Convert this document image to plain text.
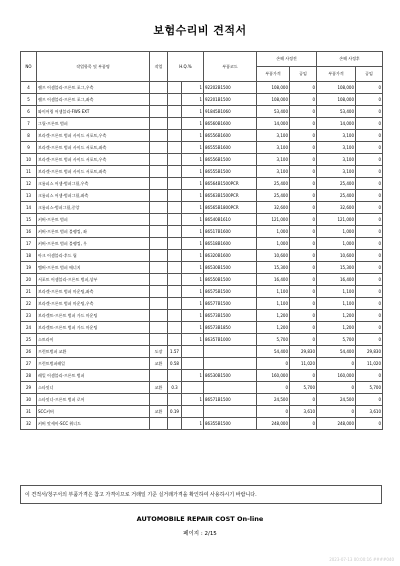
보험수리비 견적서
NO	작업항목 및 부품명	작업	H.Q.%		부품코드	손해 사정전		손해 사정후	
						부품가격	공임	부품가격	공임
4	램프 어셈블리-프론트 포그,우측			1	92202B1500	108,000	0	108,000	0
5	램프 어셈블리-프론트 포그,좌측			1	92201B1500	108,000	0	108,000	0
6	와이어링 어셈블리-FWS EXT			1	91845B1060	53,400	0	53,400	0
7	그릴-프론트 범퍼			1	86560B1600	14,000	0	14,000	0
8	브라켓-프론트 범퍼 사이드 서포트,우측			1	86556B1600	3,100	0	3,100	0
9	브라켓-프론트 범퍼 사이드 서포트,좌측			1	86555B1600	3,100	0	3,100	0
10	브라켓-프론트 범퍼 사이드 서포트,우측			1	86556B1500	3,100	0	3,100	0
11	브라켓-프론트 범퍼 사이드 서포트,좌측			1	86555B1500	3,100	0	3,100	0
12	크롬피스 어셈-범퍼그릴,우측			1	86564B1500PCR	25,400	0	25,400	0
13	크롬피스 어셈-범퍼그릴,좌측			1	86563B1500PCR	25,400	0	25,400	0
14	크롬피스-범퍼그릴,중앙			1	86565B1800PCR	32,600	0	32,600	0
15	커버-프론트 범퍼			1	86540B1610	121,000	0	121,000	0
16	커버-프론트 범퍼 블랭킹, 좌			1	86517B1600	1,000	0	1,000	0
17	커버-프론트 범퍼 블랭킹, 우			1	86518B1600	1,000	0	1,000	0
18	아크 어셈블리-후드 립			1	86320B1600	10,600	0	10,600	0
19	멤버-프론트 범퍼 에너지			1	86530B1500	15,300	0	15,300	0
20	서포트 어셈블리-프론트 범퍼,상부			1	86550B1500	16,400	0	16,400	0
21	브라켓-프론트 범퍼 마운팅,좌측			1	86575B1500	1,100	0	1,100	0
22	브라켓-프론트 범퍼 마운팅,우측			1	86577B1500	1,100	0	1,100	0
23	브라켓트-프론트 범퍼 가드 마운팅			1	86573B1500	1,200	0	1,200	0
24	브라켓트-프론트 범퍼 가드 마운팅			1	86573B1850	1,200	0	1,200	0
25	스트라이			1	86357B1000	5,700	0	5,700	0
26	프런트범퍼 교환	도장	1.57			54,400	29,830	54,400	29,830
27	프런트범퍼레일	교환	0.58			0	11,020	0	11,020
28	레일 어셈블리-프론트 범퍼			1	86530B1500	160,000	0	160,000	0
29	스타잇너	교환	0.3			0	5,700	0	5,700
30	스타잇너-프론트 범퍼 로어			1	86571B1500	24,500	0	24,500	0
31	SCC커버	교환	0.19			0	3,610	0	3,610
32	커버 앗세이-SCC 워너드			1	86355B1500	248,000	0	248,000	0
이 견적서/청구서의 부품가격은 참고 가격이므로 거래일 기준 실거래가격을 확인하여 사용하시기 바랍니다.
AUTOMOBILE REPAIR COST On-line
페이지 : 2/15
2023-07-13 00:00:16 ####040
